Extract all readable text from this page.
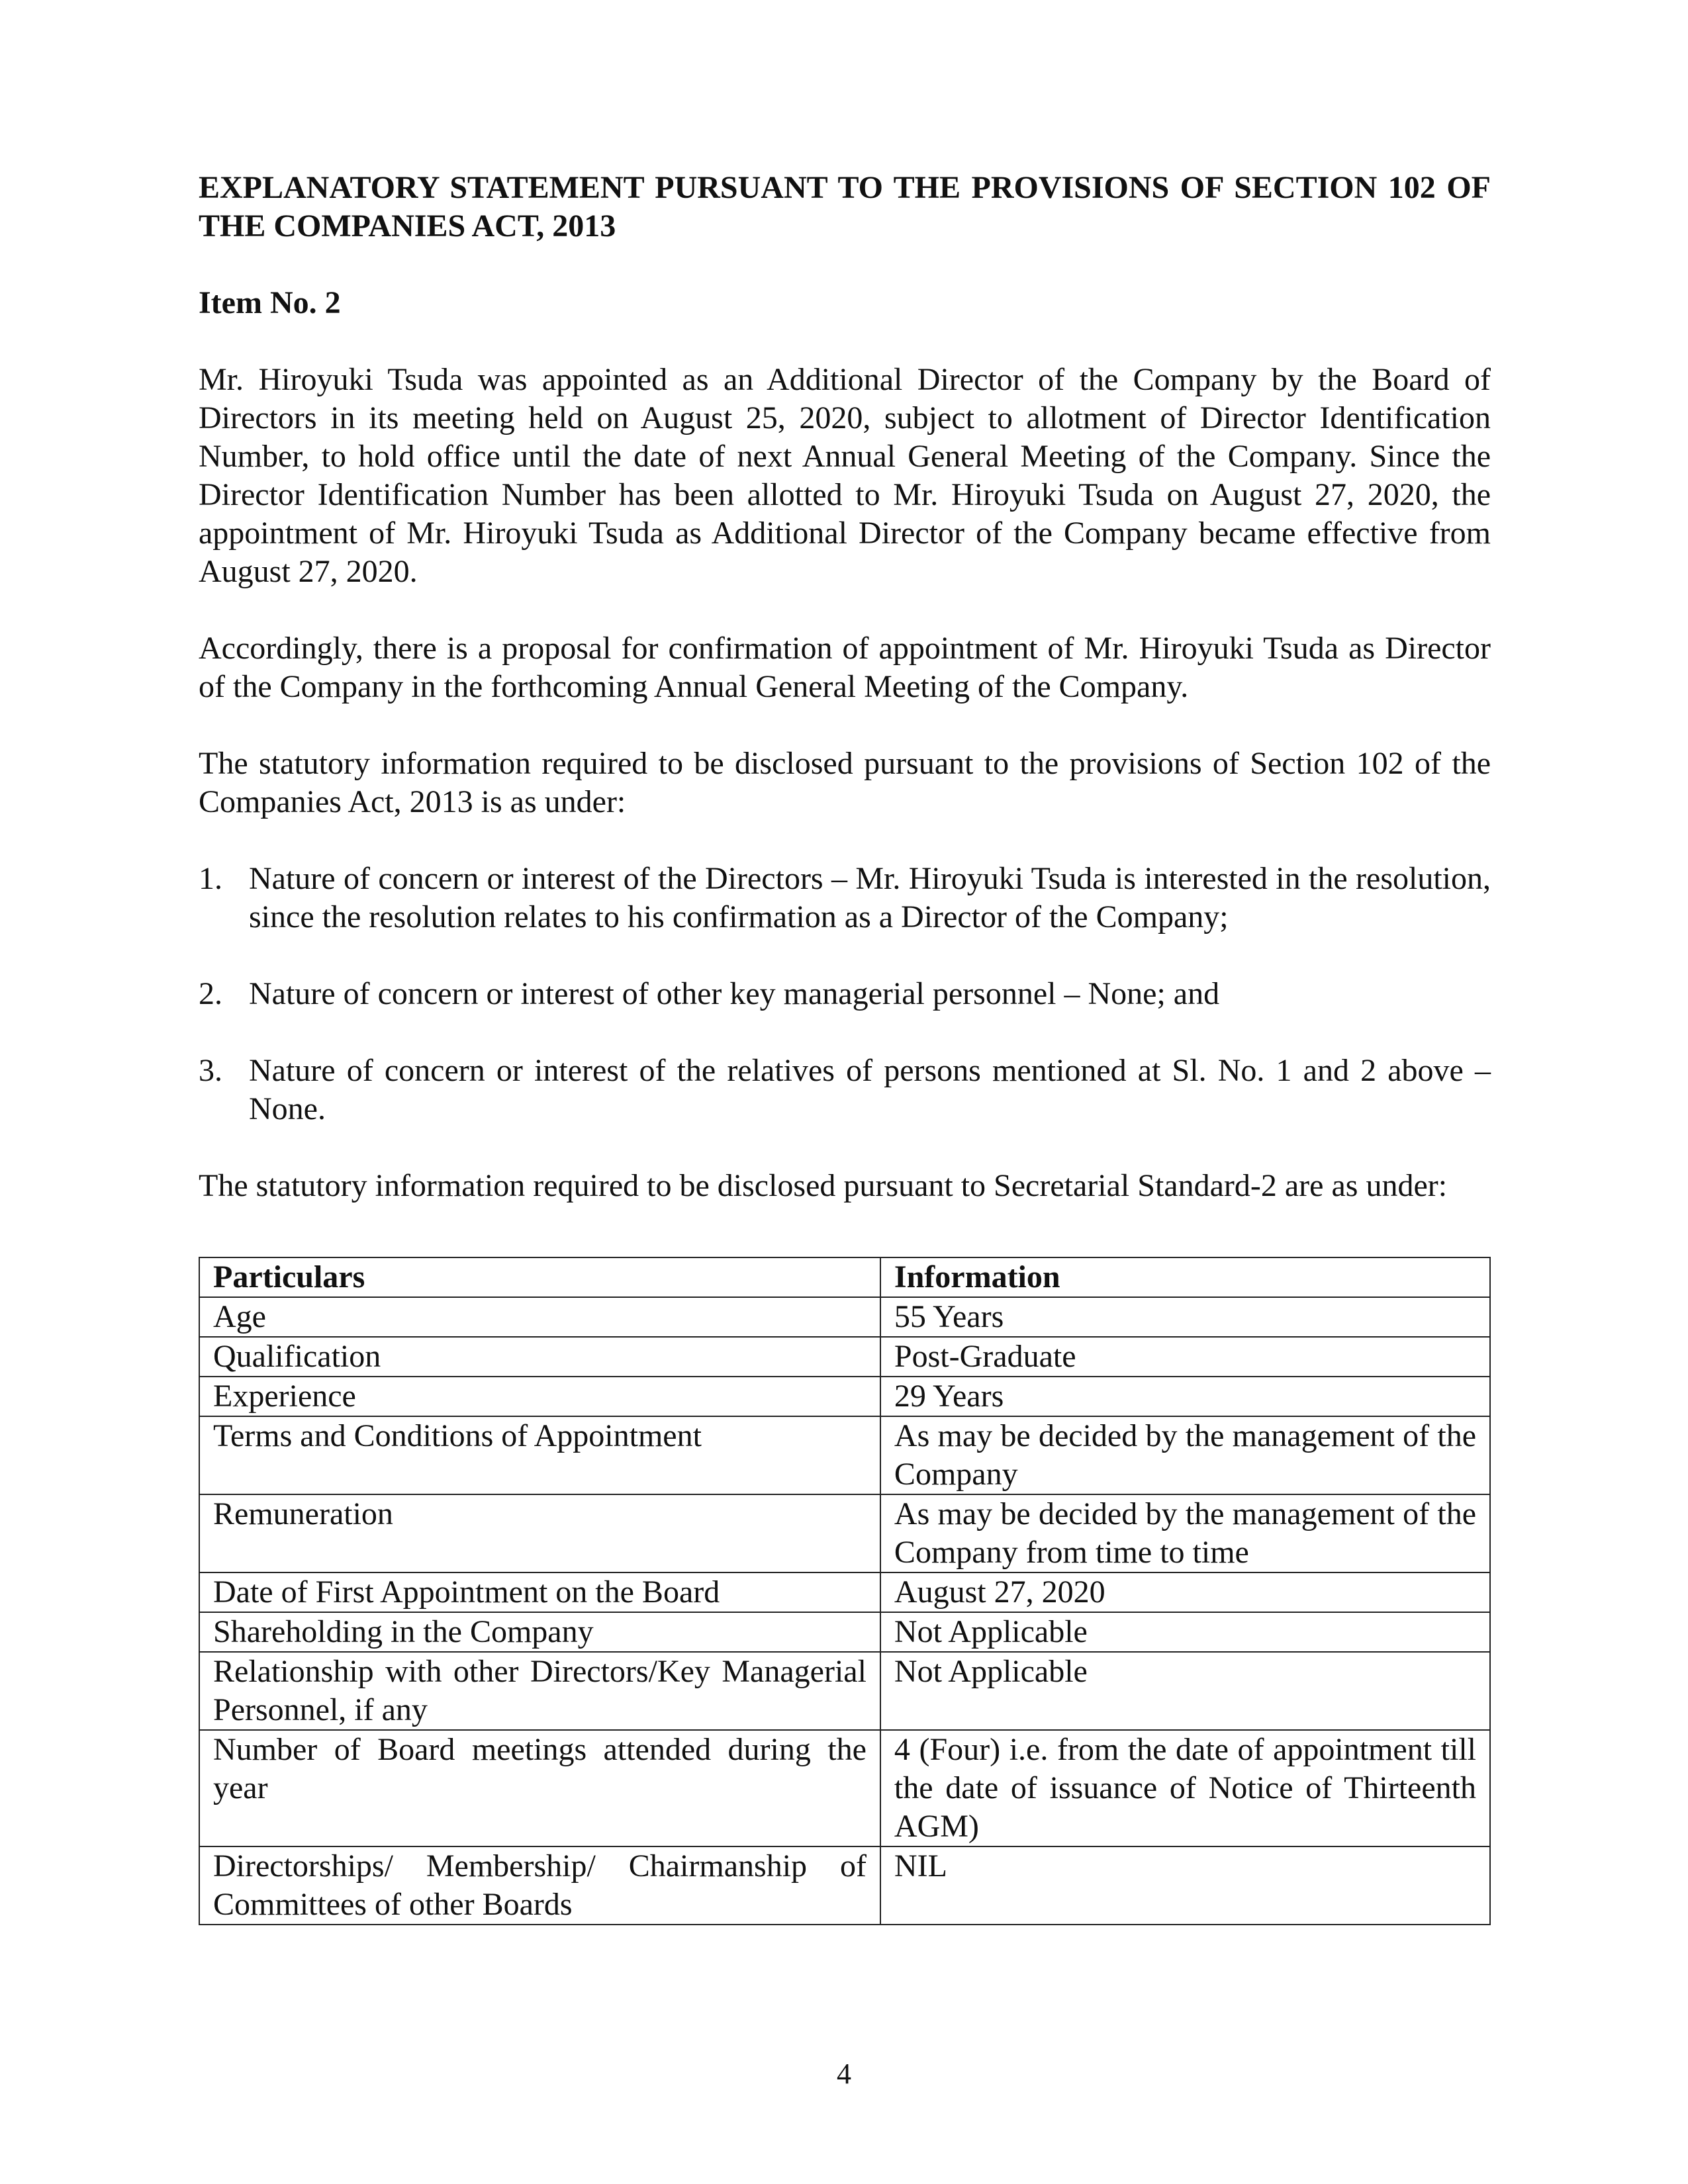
EXPLANATORY STATEMENT PURSUANT TO THE PROVISIONS OF SECTION 102 OF THE COMPANIES ACT, 2013

Item No. 2

Mr. Hiroyuki Tsuda was appointed as an Additional Director of the Company by the Board of Directors in its meeting held on August 25, 2020, subject to allotment of Director Identification Number, to hold office until the date of next Annual General Meeting of the Company. Since the Director Identification Number has been allotted to Mr. Hiroyuki Tsuda on August 27, 2020, the appointment of Mr. Hiroyuki Tsuda as Additional Director of the Company became effective from August 27, 2020.

Accordingly, there is a proposal for confirmation of appointment of Mr. Hiroyuki Tsuda as Director of the Company in the forthcoming Annual General Meeting of the Company.

The statutory information required to be disclosed pursuant to the provisions of Section 102 of the Companies Act, 2013 is as under:

1. Nature of concern or interest of the Directors – Mr. Hiroyuki Tsuda is interested in the resolution, since the resolution relates to his confirmation as a Director of the Company;
2. Nature of concern or interest of other key managerial personnel – None; and
3. Nature of concern or interest of the relatives of persons mentioned at Sl. No. 1 and 2 above – None.

The statutory information required to be disclosed pursuant to Secretarial Standard-2 are as under:

Particulars	Information
Age	55 Years
Qualification	Post-Graduate
Experience	29 Years
Terms and Conditions of Appointment	As may be decided by the management of the Company
Remuneration	As may be decided by the management of the Company from time to time
Date of First Appointment on the Board	August 27, 2020
Shareholding in the Company	Not Applicable
Relationship with other Directors/Key Managerial Personnel, if any	Not Applicable
Number of Board meetings attended during the year	4 (Four) i.e. from the date of appointment till the date of issuance of Notice of Thirteenth AGM)
Directorships/ Membership/ Chairmanship of Committees of other Boards	NIL
4
